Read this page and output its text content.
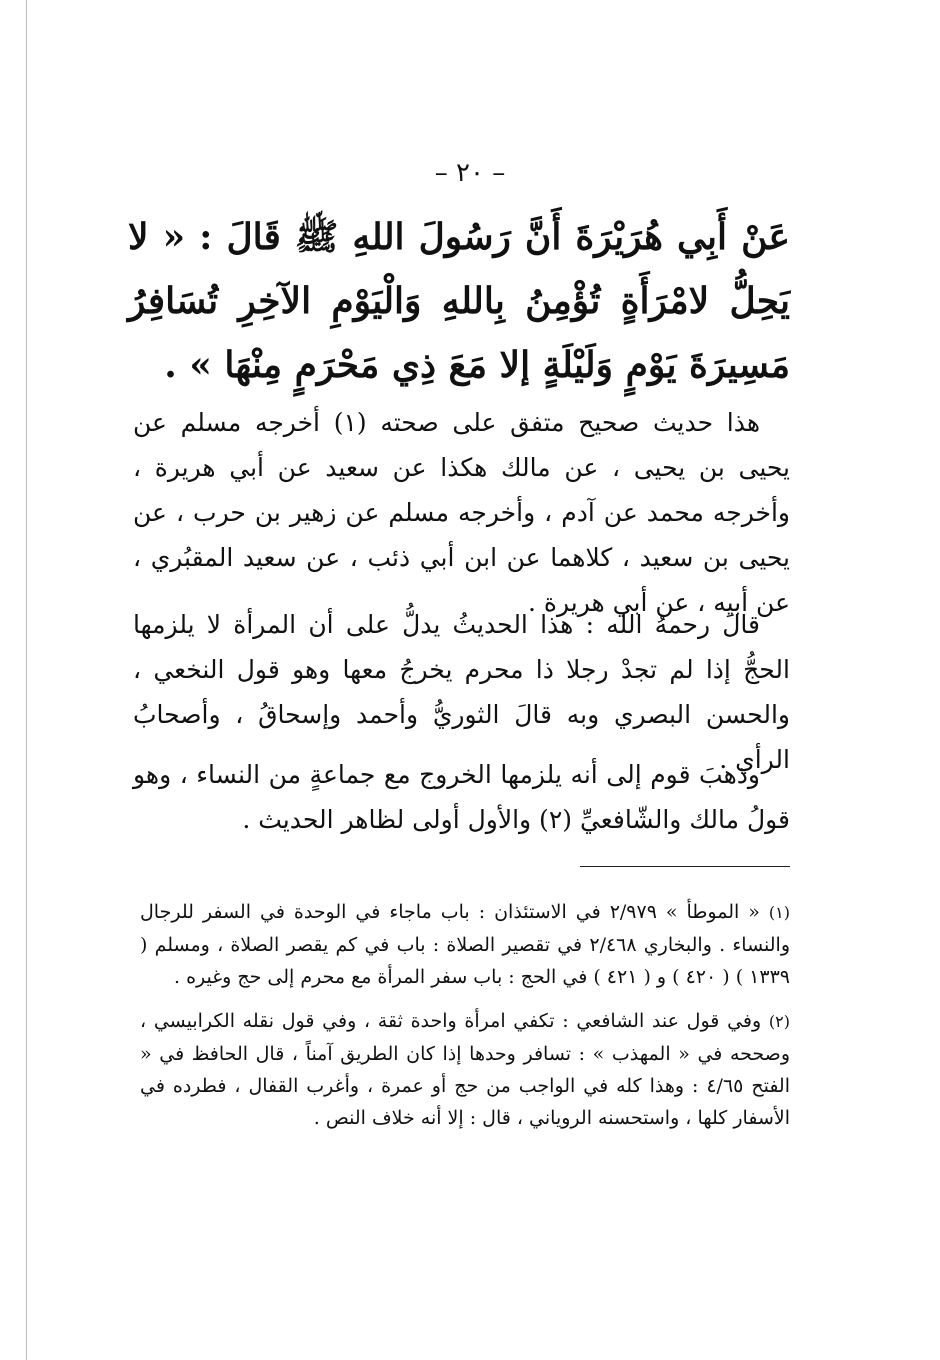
– ٢٠ –

عَنْ أَبِي هُرَيْرَةَ أَنَّ رَسُولَ اللهِ ﷺ قَالَ : « لا يَحِلُّ لامْرَأَةٍ تُؤْمِنُ بِاللهِ وَالْيَوْمِ الآخِرِ تُسَافِرُ مَسِيرَةَ يَوْمٍ وَلَيْلَةٍ إلا مَعَ ذِي مَحْرَمٍ مِنْهَا » .

هذا حديث صحيح متفق على صحته (١) أخرجه مسلم عن يحيى بن يحيى ، عن مالك هكذا عن سعيد عن أبي هريرة ، وأخرجه محمد عن آدم ، وأخرجه مسلم عن زهير بن حرب ، عن يحيى بن سعيد ، كلاهما عن ابن أبي ذئب ، عن سعيد المقبُري ، عن أبيه ، عن أبي هريرة .

قالَ رحمهُ الله : هذا الحديثُ يدلُّ على أن المرأة لا يلزمها الحجُّ إذا لم تجدْ رجلا ذا محرم يخرجُ معها وهو قول النخعي ، والحسن البصري وبه قالَ الثوريُّ وأحمد وإسحاقُ ، وأصحابُ الرأي .

وذهبَ قوم إلى أنه يلزمها الخروج مع جماعةٍ من النساء ، وهو قولُ مالك والشّافعيِّ (٢) والأول أولى لظاهر الحديث .

(١) « الموطأ » ٢/٩٧٩ في الاستئذان : باب ماجاء في الوحدة في السفر للرجال والنساء . والبخاري ٢/٤٦٨ في تقصير الصلاة : باب في كم يقصر الصلاة ، ومسلم ( ١٣٣٩ ) ( ٤٢٠ ) و ( ٤٢١ ) في الحج : باب سفر المرأة مع محرم إلى حج وغيره .

(٢) وفي قول عند الشافعي : تكفي امرأة واحدة ثقة ، وفي قول نقله الكرابيسي ، وصححه في « المهذب » : تسافر وحدها إذا كان الطريق آمناً ، قال الحافظ في « الفتح ٤/٦٥ : وهذا كله في الواجب من حج أو عمرة ، وأغرب القفال ، فطرده في الأسفار كلها ، واستحسنه الروياني ، قال : إلا أنه خلاف النص .
